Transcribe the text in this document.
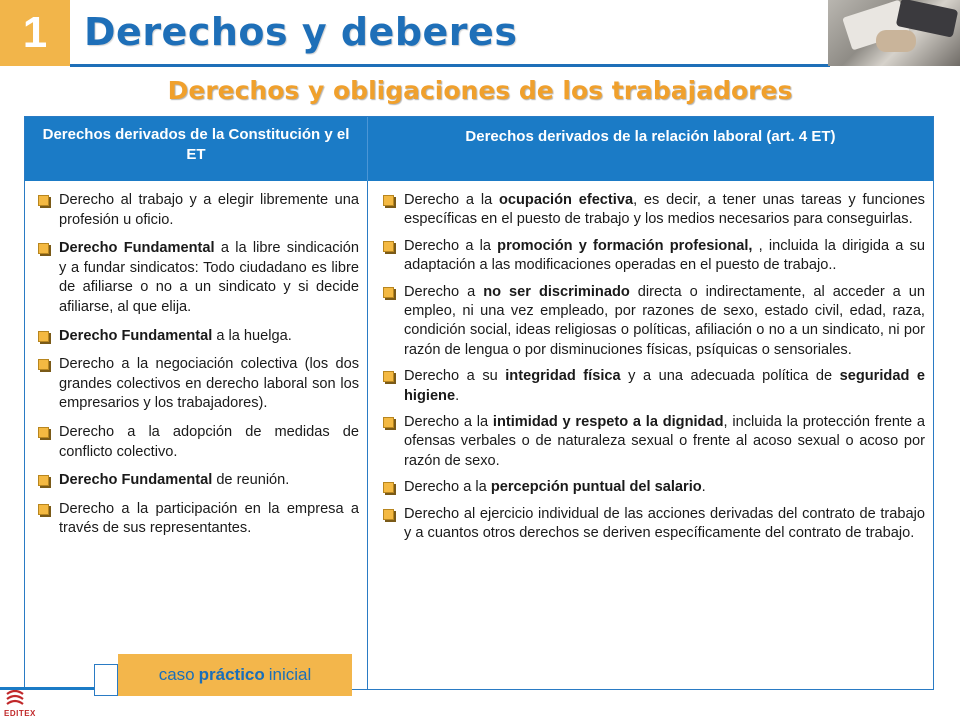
1 Derechos y deberes
Derechos y obligaciones de los trabajadores
Derechos derivados de la Constitución y el ET
Derechos derivados de la relación laboral (art. 4 ET)
Derecho al trabajo y a elegir libremente una profesión u oficio.
Derecho Fundamental a la libre sindicación y a fundar sindicatos: Todo ciudadano es libre de afiliarse o no a un sindicato y si decide afiliarse, al que elija.
Derecho Fundamental a la huelga.
Derecho a la negociación colectiva (los dos grandes colectivos en derecho laboral son los empresarios y los trabajadores).
Derecho a la adopción de medidas de conflicto colectivo.
Derecho Fundamental de reunión.
Derecho a la participación en la empresa a través de sus representantes.
Derecho a la ocupación efectiva, es decir, a tener unas tareas y funciones específicas en el puesto de trabajo y los medios necesarios para conseguirlas.
Derecho a la promoción y formación profesional, , incluida la dirigida a su adaptación a las modificaciones operadas en el puesto de trabajo..
Derecho a no ser discriminado directa o indirectamente, al acceder a un empleo, ni una vez empleado, por razones de sexo, estado civil, edad, raza, condición social, ideas religiosas o políticas, afiliación o no a un sindicato, ni por razón de lengua o por disminuciones físicas, psíquicas o sensoriales.
Derecho a su integridad física y a una adecuada política de seguridad e higiene.
Derecho a la intimidad y respeto a la dignidad, incluida la protección frente a ofensas verbales o de naturaleza sexual o frente al acoso sexual o acoso por razón de sexo.
Derecho a la percepción puntual del salario.
Derecho al ejercicio individual de las acciones derivadas del contrato de trabajo y a cuantos otros derechos se deriven específicamente del contrato de trabajo.
EDITEX
caso práctico inicial
